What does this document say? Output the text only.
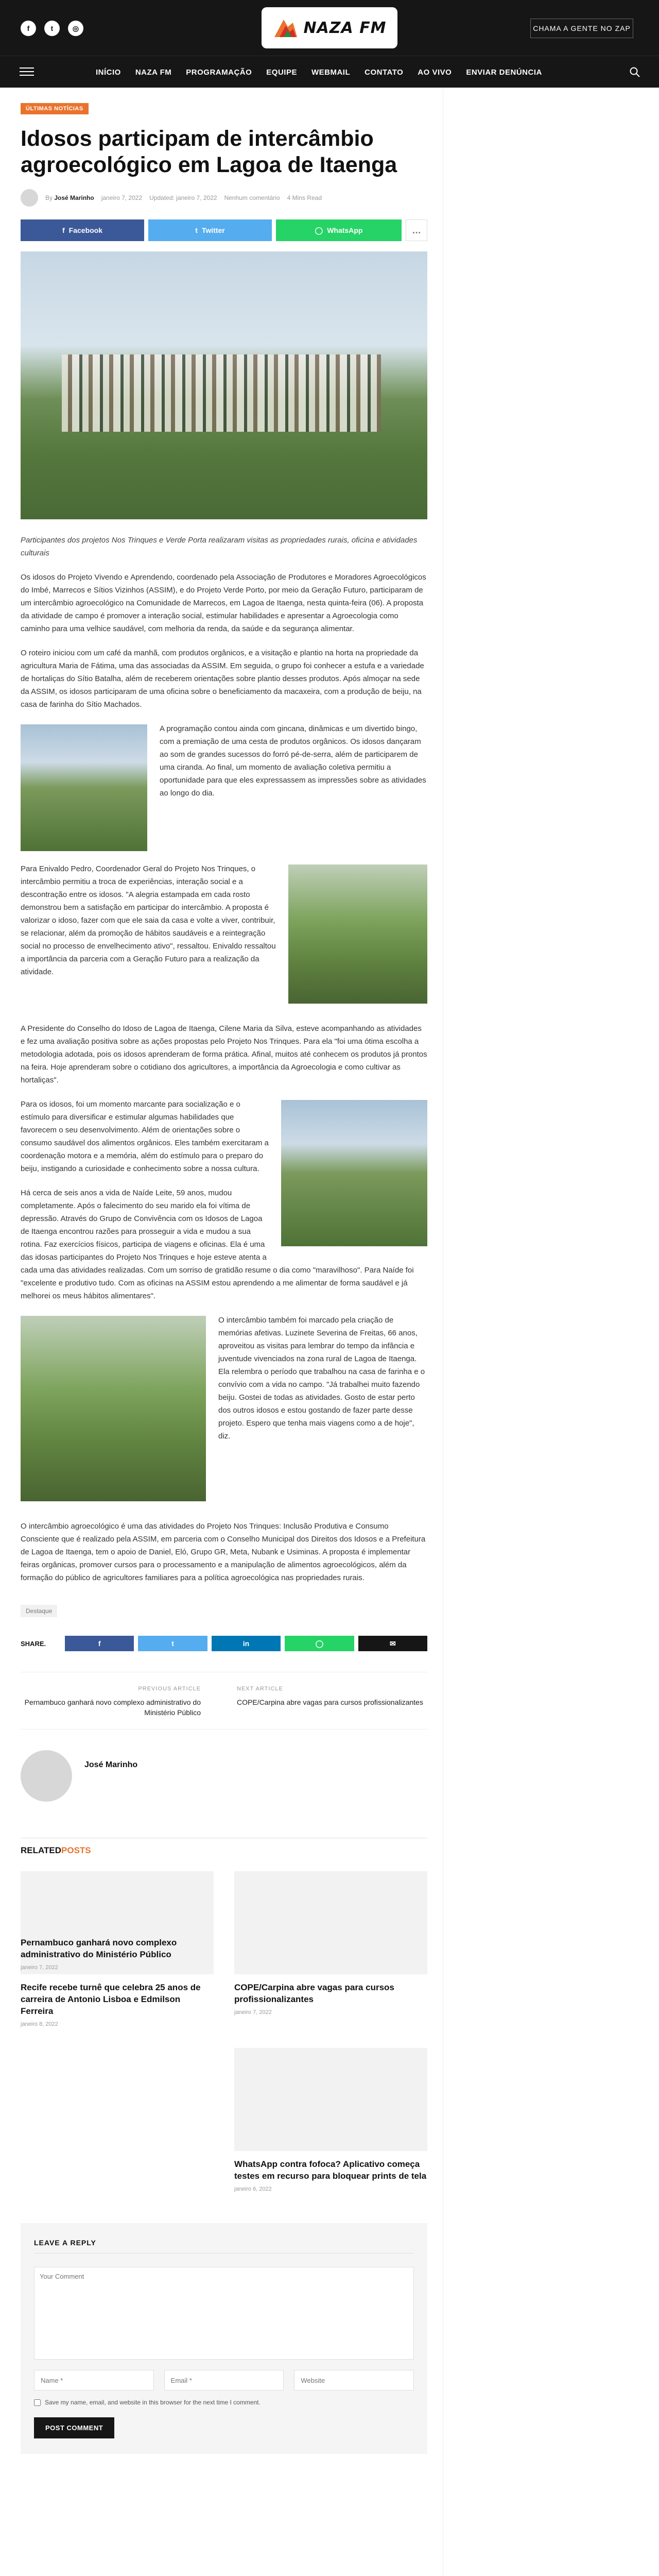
f	t	◎	NAZA FM	CHAMA A GENTE NO ZAP
INÍCIO NAZA FM PROGRAMAÇÃO EQUIPE WEBMAIL CONTATO AO VIVO ENVIAR DENÚNCIA
ÚLTIMAS NOTÍCIAS
Idosos participam de intercâmbio agroecológico em Lagoa de Itaenga
By José Marinho janeiro 7, 2022 Updated: janeiro 7, 2022 Nenhum comentário 4 Mins Read
f Facebook	t Twitter	◯ WhatsApp	…

Participantes dos projetos Nos Trinques e Verde Porta realizaram visitas as propriedades rurais, oficina e atividades culturais

Os idosos do Projeto Vivendo e Aprendendo, coordenado pela Associação de Produtores e Moradores Agroecológicos do Imbé, Marrecos e Sítios Vizinhos (ASSIM), e do Projeto Verde Porto, por meio da Geração Futuro, participaram de um intercâmbio agroecológico na Comunidade de Marrecos, em Lagoa de Itaenga, nesta quinta-feira (06). A proposta da atividade de campo é promover a interação social, estimular habilidades e apresentar a Agroecologia como caminho para uma velhice saudável, com melhoria da renda, da saúde e da segurança alimentar.

O roteiro iniciou com um café da manhã, com produtos orgânicos, e a visitação e plantio na horta na propriedade da agricultura Maria de Fátima, uma das associadas da ASSIM. Em seguida, o grupo foi conhecer a estufa e a variedade de hortaliças do Sítio Batalha, além de receberem orientações sobre plantio desses produtos. Após almoçar na sede da ASSIM, os idosos participaram de uma oficina sobre o beneficiamento da macaxeira, com a produção de beiju, na casa de farinha do Sítio Machados.

A programação contou ainda com gincana, dinâmicas e um divertido bingo, com a premiação de uma cesta de produtos orgânicos. Os idosos dançaram ao som de grandes sucessos do forró pé-de-serra, além de participarem de uma ciranda. Ao final, um momento de avaliação coletiva permitiu a oportunidade para que eles expressassem as impressões sobre as atividades ao longo do dia.

Para Enivaldo Pedro, Coordenador Geral do Projeto Nos Trinques, o intercâmbio permitiu a troca de experiências, interação social e a descontração entre os idosos. "A alegria estampada em cada rosto demonstrou bem a satisfação em participar do intercâmbio. A proposta é valorizar o idoso, fazer com que ele saia da casa e volte a viver, contribuir, se relacionar, além da promoção de hábitos saudáveis e a reintegração social no processo de envelhecimento ativo", ressaltou. Enivaldo ressaltou a importância da parceria com a Geração Futuro para a realização da atividade.

A Presidente do Conselho do Idoso de Lagoa de Itaenga, Cilene Maria da Silva, esteve acompanhando as atividades e fez uma avaliação positiva sobre as ações propostas pelo Projeto Nos Trinques. Para ela "foi uma ótima escolha a metodologia adotada, pois os idosos aprenderam de forma prática. Afinal, muitos até conhecem os produtos já prontos na feira. Hoje aprenderam sobre o cotidiano dos agricultores, a importância da Agroecologia e como cultivar as hortaliças".

Para os idosos, foi um momento marcante para socialização e o estímulo para diversificar e estimular algumas habilidades que favorecem o seu desenvolvimento. Além de orientações sobre o consumo saudável dos alimentos orgânicos. Eles também exercitaram a coordenação motora e a memória, além do estímulo para o preparo do beiju, instigando a curiosidade e conhecimento sobre a nossa cultura.

Há cerca de seis anos a vida de Naíde Leite, 59 anos, mudou completamente. Após o falecimento do seu marido ela foi vítima de depressão. Através do Grupo de Convivência com os Idosos de Lagoa de Itaenga encontrou razões para prosseguir a vida e mudou a sua rotina. Faz exercícios físicos, participa de viagens e oficinas. Ela é uma das idosas participantes do Projeto Nos Trinques e hoje esteve atenta a cada uma das atividades realizadas. Com um sorriso de gratidão resume o dia como "maravilhoso". Para Naíde foi "excelente e produtivo tudo. Com as oficinas na ASSIM estou aprendendo a me alimentar de forma saudável e já melhorei os meus hábitos alimentares".

O intercâmbio também foi marcado pela criação de memórias afetivas. Luzinete Severina de Freitas, 66 anos, aproveitou as visitas para lembrar do tempo da infância e juventude vivenciados na zona rural de Lagoa de Itaenga. Ela relembra o período que trabalhou na casa de farinha e o convívio com a vida no campo. "Já trabalhei muito fazendo beiju. Gostei de todas as atividades. Gosto de estar perto dos outros idosos e estou gostando de fazer parte desse projeto. Espero que tenha mais viagens como a de hoje", diz.

O intercâmbio agroecológico é uma das atividades do Projeto Nos Trinques: Inclusão Produtiva e Consumo Consciente que é realizado pela ASSIM, em parceria com o Conselho Municipal dos Direitos dos Idosos e a Prefeitura de Lagoa de Itaenga, tem o apoio de Daniel, Eló, Grupo GR, Meta, Nubank e Usiminas. A proposta é implementar feiras orgânicas, promover cursos para o processamento e a manipulação de alimentos agroecológicos, além da formação do público de agricultores familiares para a política agroecológica nas propriedades rurais.

Destaque
SHARE.	f	t	in	◯	✉
PREVIOUS ARTICLE
Pernambuco ganhará novo complexo administrativo do Ministério Público
NEXT ARTICLE
COPE/Carpina abre vagas para cursos profissionalizantes
José Marinho
RELATEDPOSTS
Recife recebe turnê que celebra 25 anos de carreira de Antonio Lisboa e Edmilson Ferreira
janeiro 8, 2022
COPE/Carpina abre vagas para cursos profissionalizantes
janeiro 7, 2022
Pernambuco ganhará novo complexo administrativo do Ministério Público
janeiro 7, 2022
WhatsApp contra fofoca? Aplicativo começa testes em recurso para bloquear prints de tela
janeiro 6, 2022
LEAVE A REPLY
Your Comment
Name *
Email *
Website
Save my name, email, and website in this browser for the next time I comment.
POST COMMENT
